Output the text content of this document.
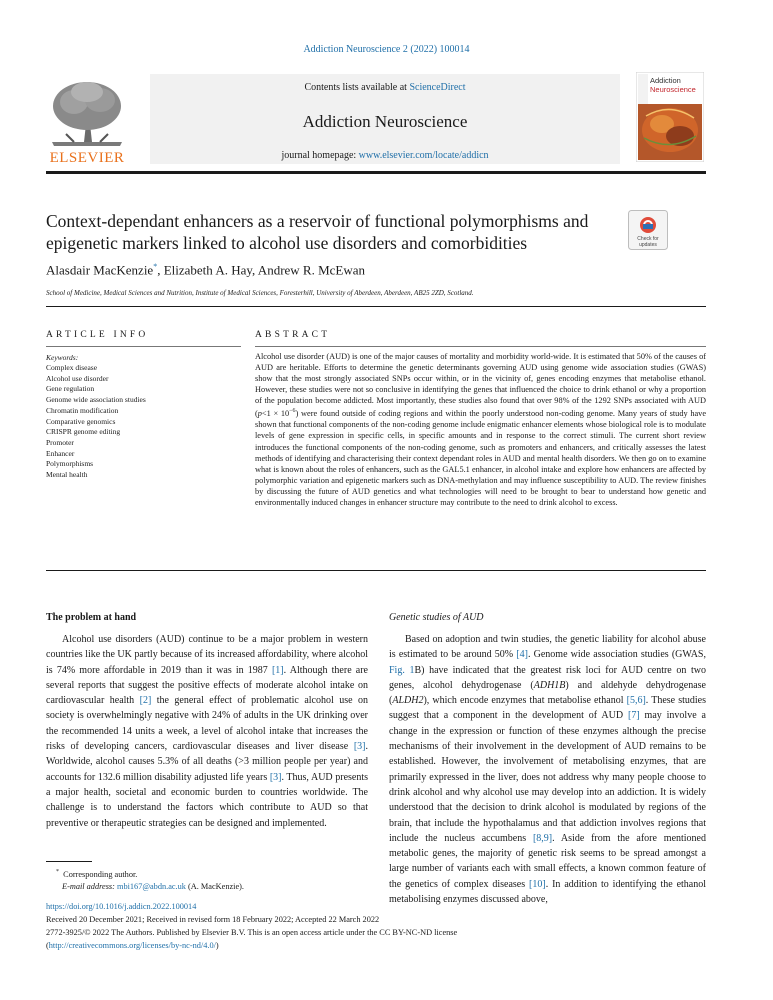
Addiction Neuroscience 2 (2022) 100014
ELSEVIER
Contents lists available at ScienceDirect
Addiction Neuroscience
journal homepage: www.elsevier.com/locate/addicn
Addiction
Neuroscience
Context-dependant enhancers as a reservoir of functional polymorphisms and epigenetic markers linked to alcohol use disorders and comorbidities	Check for
updates
Alasdair MacKenzie*, Elizabeth A. Hay, Andrew R. McEwan
School of Medicine, Medical Sciences and Nutrition, Institute of Medical Sciences, Foresterhill, University of Aberdeen, Aberdeen, AB25 2ZD, Scotland.
ARTICLE INFO	ABSTRACT
Keywords:
Complex disease
Alcohol use disorder
Gene regulation
Genome wide association studies
Chromatin modification
Comparative genomics
CRISPR genome editing
Promoter
Enhancer
Polymorphisms
Mental health
Alcohol use disorder (AUD) is one of the major causes of mortality and morbidity world-wide. It is estimated that 50% of the causes of AUD are heritable. Efforts to determine the genetic determinants governing AUD using genome wide association studies (GWAS) show that the most strongly associated SNPs occur within, or in the vicinity of, genes encoding enzymes that metabolise ethanol. However, these studies were not so conclusive in identifying the genes that influenced the choice to drink ethanol or why a proportion of the population become addicted. Most importantly, these studies also found that over 98% of the 1292 SNPs associated with AUD $(p<1 \times 10^{-6})$ were found outside of coding regions and within the poorly understood non-coding genome. Many years of study have shown that functional components of the non-coding genome include enigmatic enhancer elements whose biological role is to modulate levels of gene expression in specific cells, in specific amounts and in response to the correct stimuli. The current short review introduces the functional components of the non-coding genome, such as promoters and enhancers, and critically assesses the latest methods of identifying and characterising their context dependant roles in AUD and mental health disorders. We then go on to examine what is known about the roles of enhancers, such as the GAL5.1 enhancer, in alcohol intake and explore how enhancers are affected by polymorphic variation and epigenetic markers such as DNA-methylation and may influence susceptibility to AUD. The review finishes by discussing the future of AUD genetics and what technologies will need to be brought to bear to understand how genetic and environmentally induced changes in enhancer structure may contribute to the need to drink alcohol to excess.
The problem at hand	Genetic studies of AUD
Alcohol use disorders (AUD) continue to be a major problem in western countries like the UK partly because of its increased affordability, where alcohol is 74% more affordable in 2019 than it was in 1987 [1]. Although there are several reports that suggest the positive effects of moderate alcohol intake on cardiovascular health [2] the general effect of problematic alcohol use on society is overwhelmingly negative with 24% of adults in the UK drinking over the recommended 14 units a week, a level of alcohol intake that increases the risks of developing cancers, cardiovascular diseases and liver disease [3]. Worldwide, alcohol causes 5.3% of all deaths (>3 million people per year) and accounts for 132.6 million disability adjusted life years [3]. Thus, AUD presents a major health, societal and economic burden to countries worldwide. The challenge is to understand the factors which contribute to AUD so that preventive or therapeutic strategies can be designed and implemented.
Based on adoption and twin studies, the genetic liability for alcohol abuse is estimated to be around 50% [4]. Genome wide association studies (GWAS, Fig. 1B) have indicated that the greatest risk loci for AUD centre on two genes, alcohol dehydrogenase (ADH1B) and aldehyde dehydrogenase (ALDH2), which encode enzymes that metabolise ethanol [5,6]. These studies suggest that a component in the development of AUD [7] may involve a change in the expression or function of these enzymes although the precise mechanisms of their involvement in the development of AUD remains to be established. However, the involvement of metabolising enzymes, that are primarily expressed in the liver, does not address why many people choose to drink alcohol and why alcohol use may develop into an addiction. It is widely understood that the decision to drink alcohol is modulated by regions of the brain, that include the hypothalamus and that addiction involves regions that include the nucleus accumbens [8,9]. Aside from the afore mentioned metabolic genes, the majority of genetic risk seems to be spread amongst a large number of variants each with small effects, a known common feature of the genetics of complex diseases [10]. In addition to identifying the ethanol metabolising enzymes discussed above,
* Corresponding author.
E-mail address: mbi167@abdn.ac.uk (A. MacKenzie).
https://doi.org/10.1016/j.addicn.2022.100014
Received 20 December 2021; Received in revised form 18 February 2022; Accepted 22 March 2022
2772-3925/© 2022 The Authors. Published by Elsevier B.V. This is an open access article under the CC BY-NC-ND license
(http://creativecommons.org/licenses/by-nc-nd/4.0/)
